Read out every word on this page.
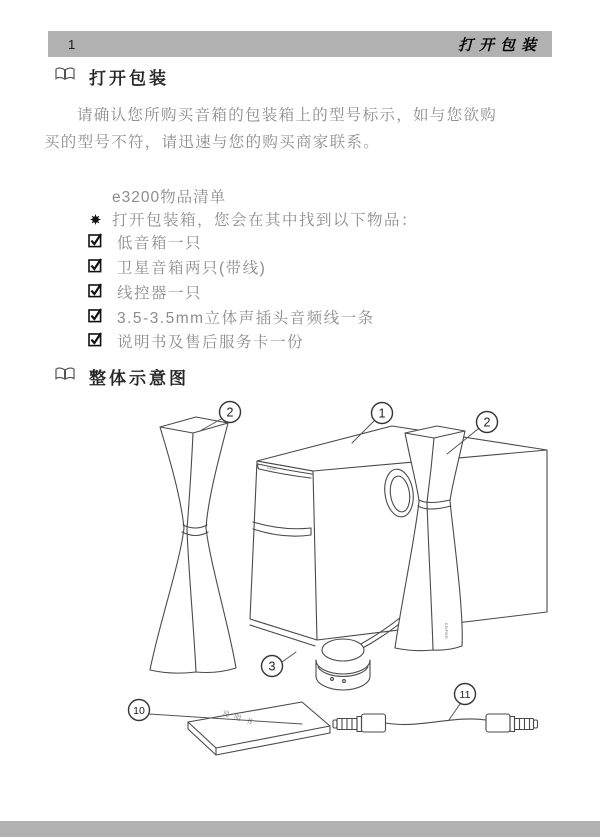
1	打开包装
打开包装

请确认您所购买音箱的包装箱上的型号标示，如与您欲购买的型号不符，请迅速与您的购买商家联系。

e3200物品清单
打开包装箱，您会在其中找到以下物品：
低音箱一只
卫星音箱两只(带线)
线控器一只
3.5-3.5mm立体声插头音频线一条
说明书及售后服务卡一份
整体示意图
edifier
EDIFIER
说明书
1
2
2
3
10
11
